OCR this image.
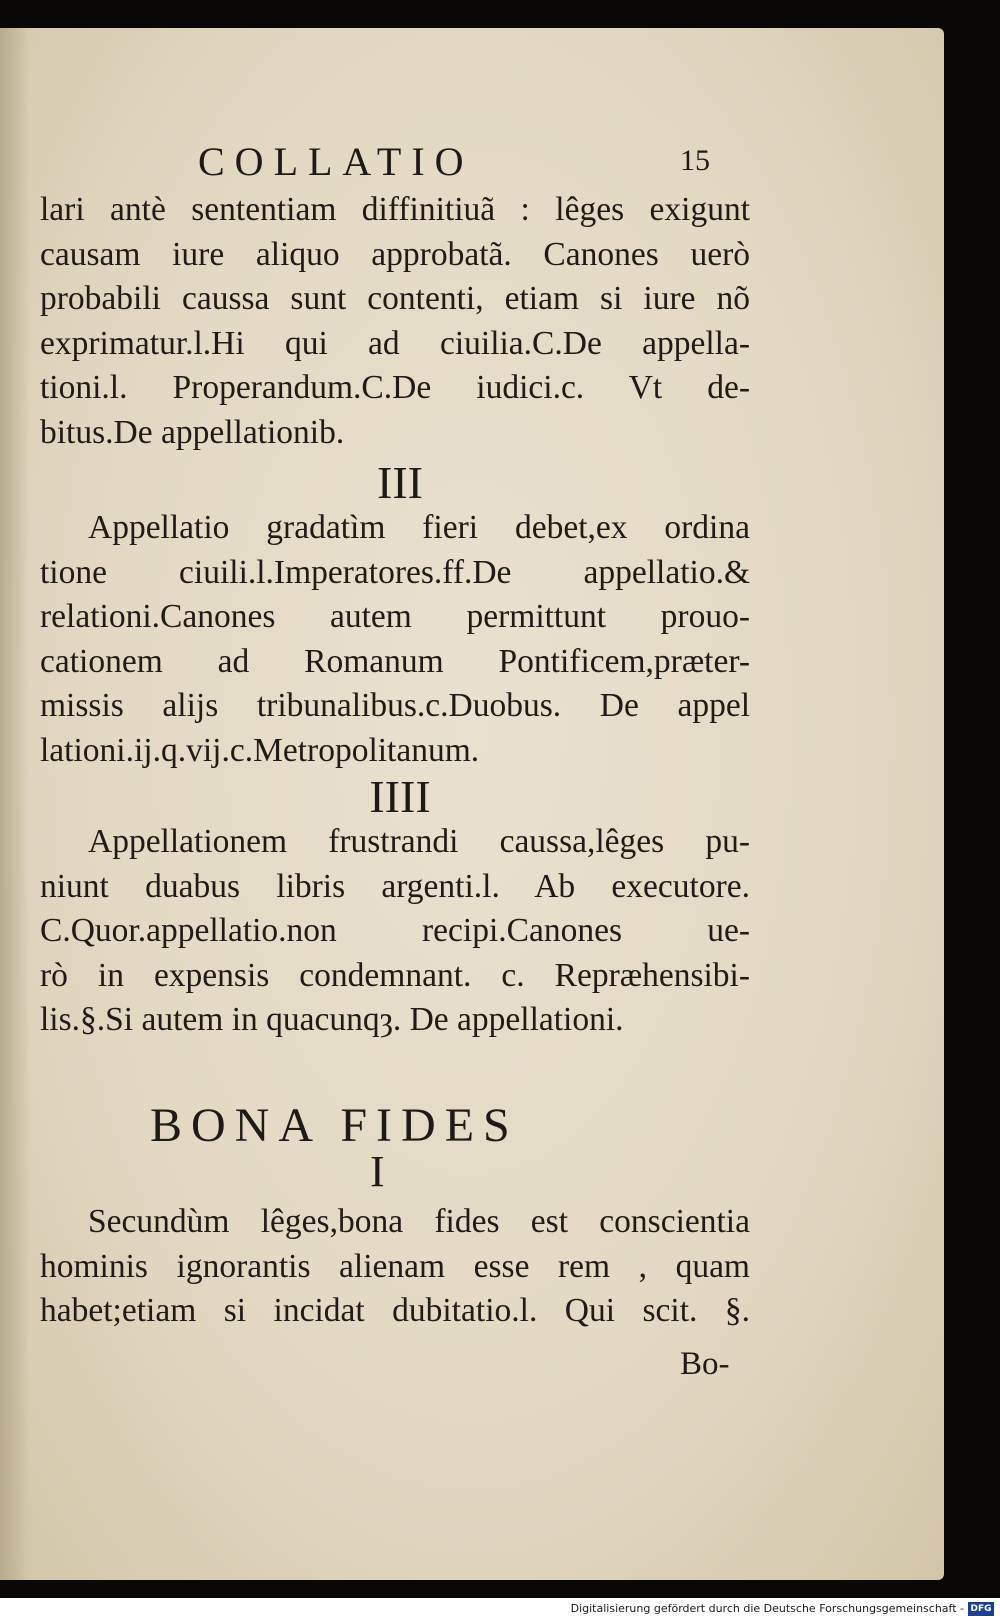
COLLATIO	15
lari antè sententiam diffinitiuã : lêges exigunt
causam iure aliquo approbatã. Canones uerò
probabili caussa sunt contenti, etiam si iure nõ
exprimatur.l.Hi qui ad ciuilia.C.De appella-
tioni.l. Properandum.C.De iudici.c. Vt de-
bitus.De appellationib.
III
Appellatio gradatìm fieri debet,ex ordina
tione ciuili.l.Imperatores.ff.De appellatio.&
relationi.Canones autem permittunt prouo-
cationem ad Romanum Pontificem,præter-
missis alijs tribunalibus.c.Duobus. De appel
lationi.ij.q.vij.c.Metropolitanum.
IIII
Appellationem frustrandi caussa,lêges pu-
niunt duabus libris argenti.l. Ab executore.
C.Quor.appellatio.non recipi.Canones ue-
rò in expensis condemnant. c. Repræhensibi-
lis.§.Si autem in quacunqȝ. De appellationi.
BONA FIDES
I
Secundùm lêges,bona fides est conscientia
hominis ignorantis alienam esse rem , quam
habet;etiam si incidat dubitatio.l. Qui scit. §.
Bo-
Digitalisierung gefördert durch die Deutsche Forschungsgemeinschaft - DFG
